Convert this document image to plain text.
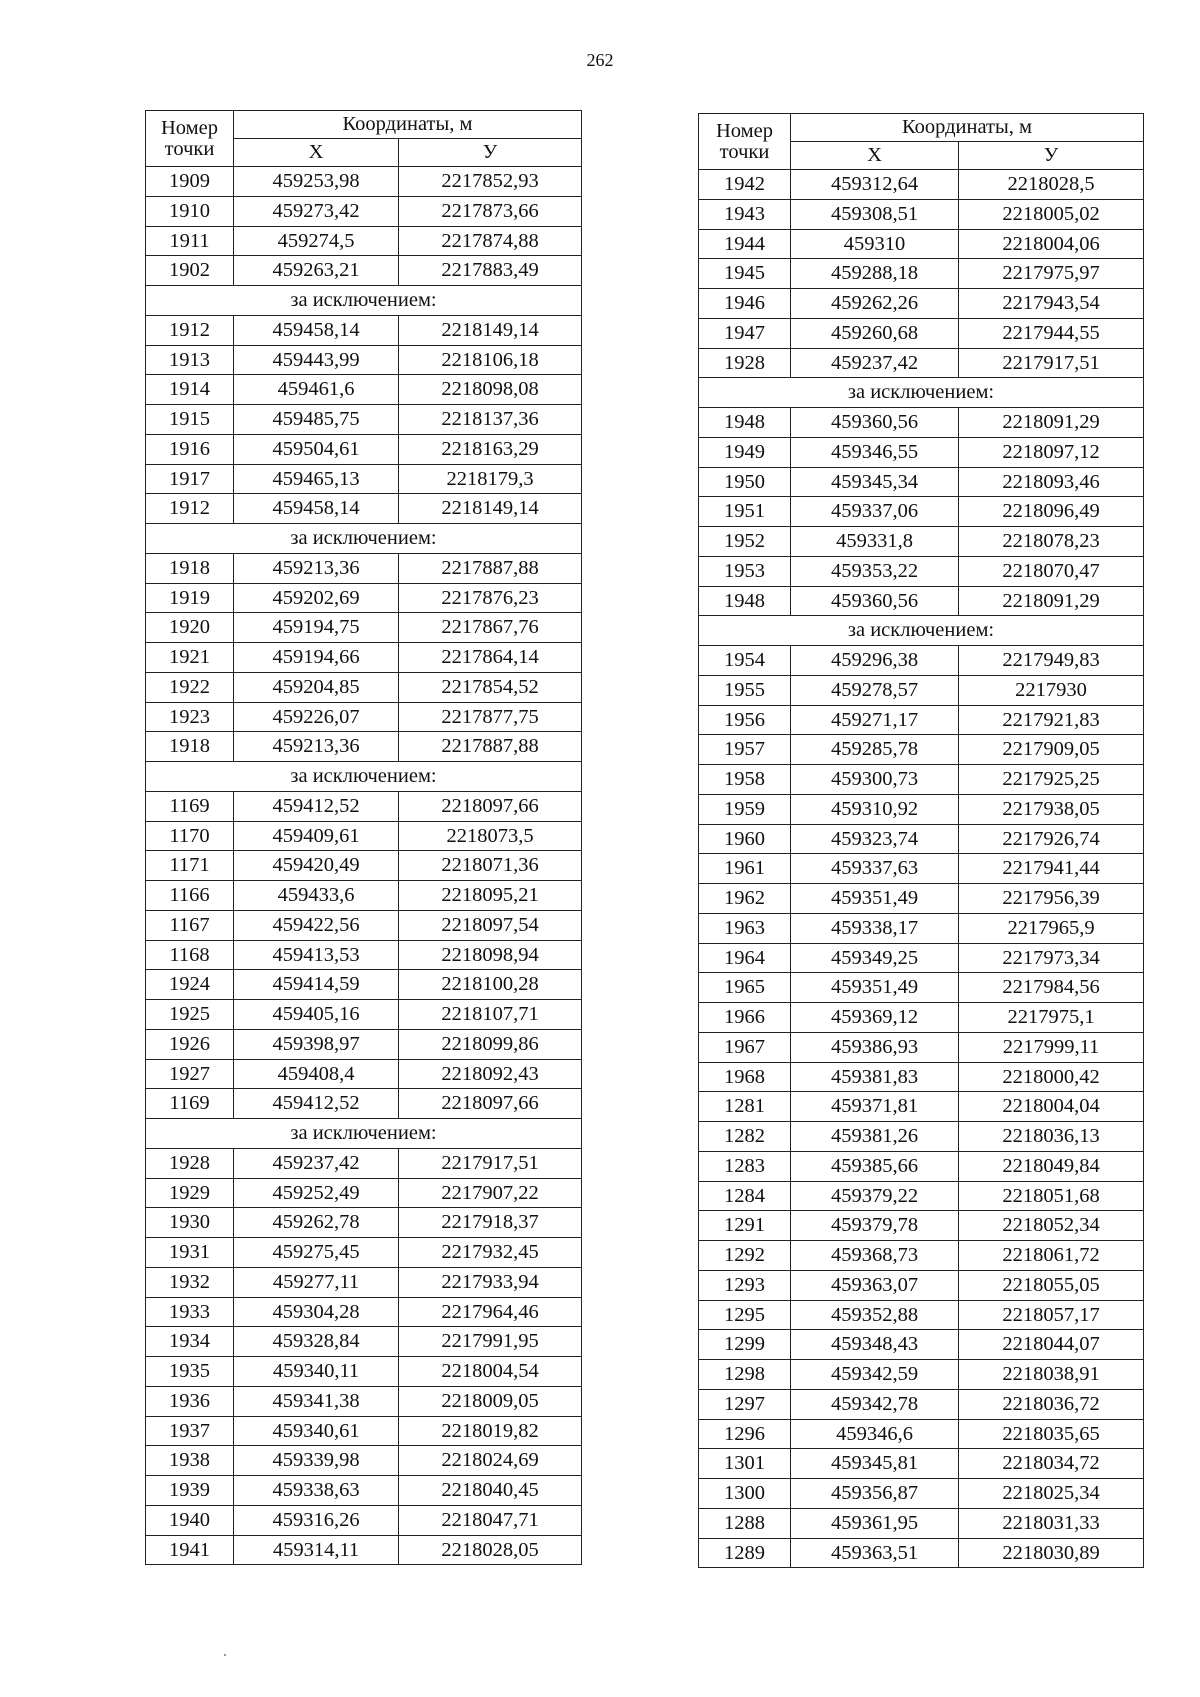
262
Номер
точки	Координаты, м	
	X	У
1909	459253,98	2217852,93
1910	459273,42	2217873,66
1911	459274,5	2217874,88
1902	459263,21	2217883,49
за исключением:		
1912	459458,14	2218149,14
1913	459443,99	2218106,18
1914	459461,6	2218098,08
1915	459485,75	2218137,36
1916	459504,61	2218163,29
1917	459465,13	2218179,3
1912	459458,14	2218149,14
за исключением:		
1918	459213,36	2217887,88
1919	459202,69	2217876,23
1920	459194,75	2217867,76
1921	459194,66	2217864,14
1922	459204,85	2217854,52
1923	459226,07	2217877,75
1918	459213,36	2217887,88
за исключением:		
1169	459412,52	2218097,66
1170	459409,61	2218073,5
1171	459420,49	2218071,36
1166	459433,6	2218095,21
1167	459422,56	2218097,54
1168	459413,53	2218098,94
1924	459414,59	2218100,28
1925	459405,16	2218107,71
1926	459398,97	2218099,86
1927	459408,4	2218092,43
1169	459412,52	2218097,66
за исключением:		
1928	459237,42	2217917,51
1929	459252,49	2217907,22
1930	459262,78	2217918,37
1931	459275,45	2217932,45
1932	459277,11	2217933,94
1933	459304,28	2217964,46
1934	459328,84	2217991,95
1935	459340,11	2218004,54
1936	459341,38	2218009,05
1937	459340,61	2218019,82
1938	459339,98	2218024,69
1939	459338,63	2218040,45
1940	459316,26	2218047,71
1941	459314,11	2218028,05
Номер
точки	Координаты, м	
	X	У
1942	459312,64	2218028,5
1943	459308,51	2218005,02
1944	459310	2218004,06
1945	459288,18	2217975,97
1946	459262,26	2217943,54
1947	459260,68	2217944,55
1928	459237,42	2217917,51
за исключением:		
1948	459360,56	2218091,29
1949	459346,55	2218097,12
1950	459345,34	2218093,46
1951	459337,06	2218096,49
1952	459331,8	2218078,23
1953	459353,22	2218070,47
1948	459360,56	2218091,29
за исключением:		
1954	459296,38	2217949,83
1955	459278,57	2217930
1956	459271,17	2217921,83
1957	459285,78	2217909,05
1958	459300,73	2217925,25
1959	459310,92	2217938,05
1960	459323,74	2217926,74
1961	459337,63	2217941,44
1962	459351,49	2217956,39
1963	459338,17	2217965,9
1964	459349,25	2217973,34
1965	459351,49	2217984,56
1966	459369,12	2217975,1
1967	459386,93	2217999,11
1968	459381,83	2218000,42
1281	459371,81	2218004,04
1282	459381,26	2218036,13
1283	459385,66	2218049,84
1284	459379,22	2218051,68
1291	459379,78	2218052,34
1292	459368,73	2218061,72
1293	459363,07	2218055,05
1295	459352,88	2218057,17
1299	459348,43	2218044,07
1298	459342,59	2218038,91
1297	459342,78	2218036,72
1296	459346,6	2218035,65
1301	459345,81	2218034,72
1300	459356,87	2218025,34
1288	459361,95	2218031,33
1289	459363,51	2218030,89
